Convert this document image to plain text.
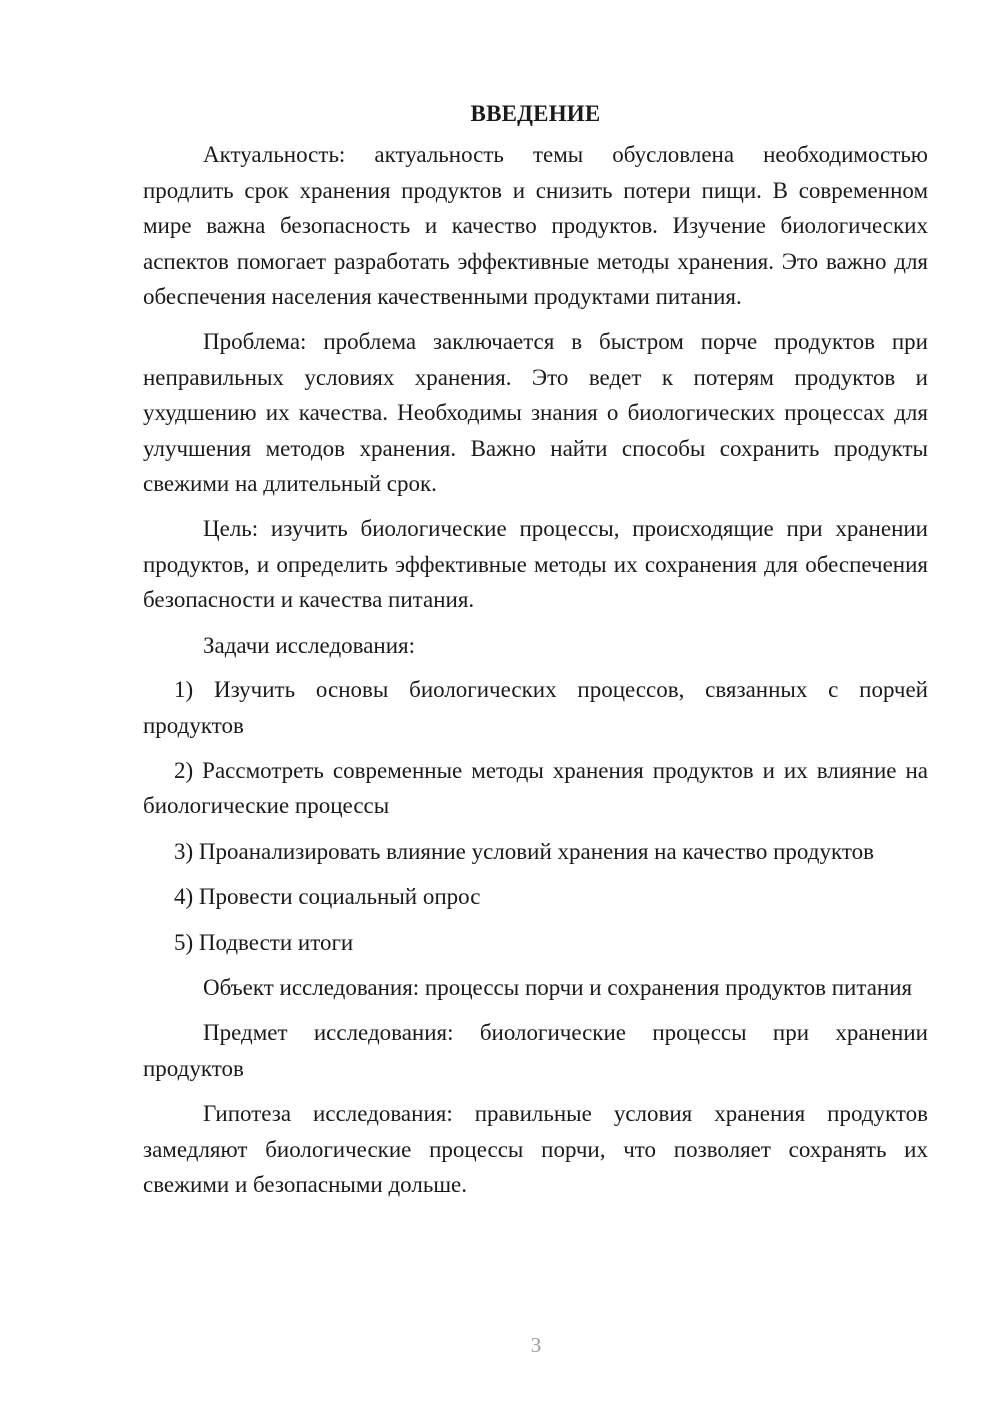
ВВЕДЕНИЕ

Актуальность: актуальность темы обусловлена необходимостью продлить срок хранения продуктов и снизить потери пищи. В современном мире важна безопасность и качество продуктов. Изучение биологических аспектов помогает разработать эффективные методы хранения. Это важно для обеспечения населения качественными продуктами питания.

Проблема: проблема заключается в быстром порче продуктов при неправильных условиях хранения. Это ведет к потерям продуктов и ухудшению их качества. Необходимы знания о биологических процессах для улучшения методов хранения. Важно найти способы сохранить продукты свежими на длительный срок.

Цель: изучить биологические процессы, происходящие при хранении продуктов, и определить эффективные методы их сохранения для обеспечения безопасности и качества питания.

Задачи исследования:

1) Изучить основы биологических процессов, связанных с порчей продуктов

2) Рассмотреть современные методы хранения продуктов и их влияние на биологические процессы

3) Проанализировать влияние условий хранения на качество продуктов

4) Провести социальный опрос

5) Подвести итоги

Объект исследования: процессы порчи и сохранения продуктов питания

Предмет исследования: биологические процессы при хранении продуктов

Гипотеза исследования: правильные условия хранения продуктов замедляют биологические процессы порчи, что позволяет сохранять их свежими и безопасными дольше.

3
